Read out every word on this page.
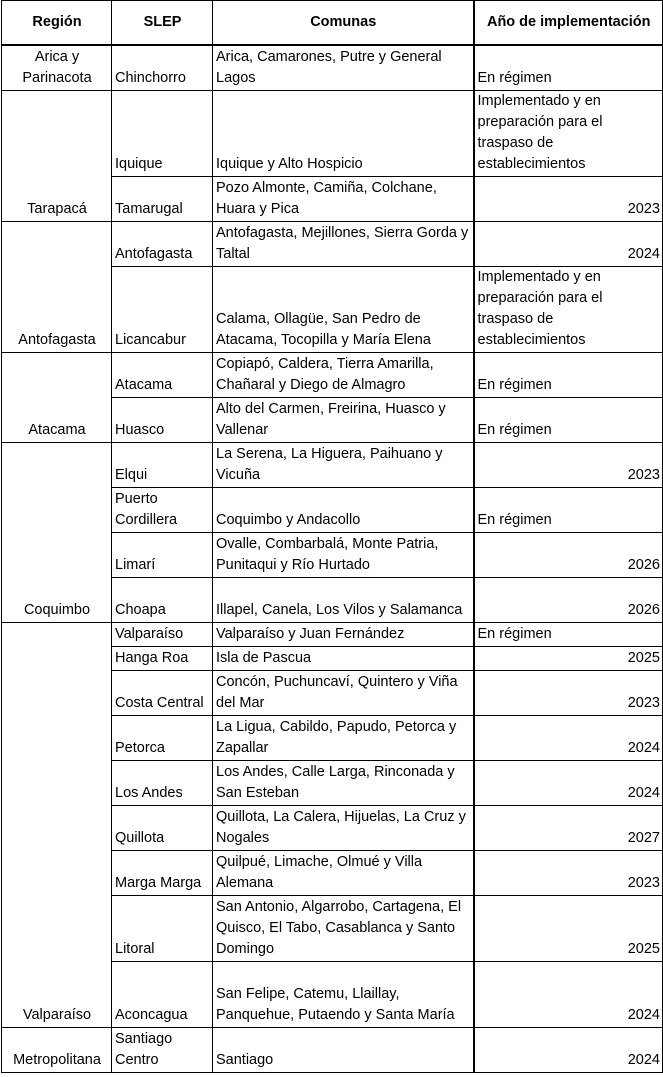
Región	SLEP	Comunas	Año de implementación
Arica y Parinacota	Chinchorro	Arica, Camarones, Putre y General Lagos	En régimen
Tarapacá	Iquique	Iquique y Alto Hospicio	Implementado y en preparación para el traspaso de establecimientos
	Tamarugal	Pozo Almonte, Camiña, Colchane, Huara y Pica	2023
Antofagasta	Antofagasta	Antofagasta, Mejillones, Sierra Gorda y Taltal	2024
	Licancabur	Calama, Ollagüe, San Pedro de Atacama, Tocopilla y María Elena	Implementado y en preparación para el traspaso de establecimientos
Atacama	Atacama	Copiapó, Caldera, Tierra Amarilla, Chañaral y Diego de Almagro	En régimen
	Huasco	Alto del Carmen, Freirina, Huasco y Vallenar	En régimen
Coquimbo	Elqui	La Serena, La Higuera, Paihuano y Vicuña	2023
	Puerto Cordillera	Coquimbo y Andacollo	En régimen
	Limarí	Ovalle, Combarbalá, Monte Patria, Punitaqui y Río Hurtado	2026
	Choapa	Illapel, Canela, Los Vilos y Salamanca	2026
Valparaíso	Valparaíso	Valparaíso y Juan Fernández	En régimen
	Hanga Roa	Isla de Pascua	2025
	Costa Central	Concón, Puchuncaví, Quintero y Viña del Mar	2023
	Petorca	La Ligua, Cabildo, Papudo, Petorca y Zapallar	2024
	Los Andes	Los Andes, Calle Larga, Rinconada y San Esteban	2024
	Quillota	Quillota, La Calera, Hijuelas, La Cruz y Nogales	2027
	Marga Marga	Quilpué, Limache, Olmué y Villa Alemana	2023
	Litoral	San Antonio, Algarrobo, Cartagena, El Quisco, El Tabo, Casablanca y Santo Domingo	2025
	Aconcagua	San Felipe, Catemu, Llaillay, Panquehue, Putaendo y Santa María	2024
Metropolitana	Santiago Centro	Santiago	2024
